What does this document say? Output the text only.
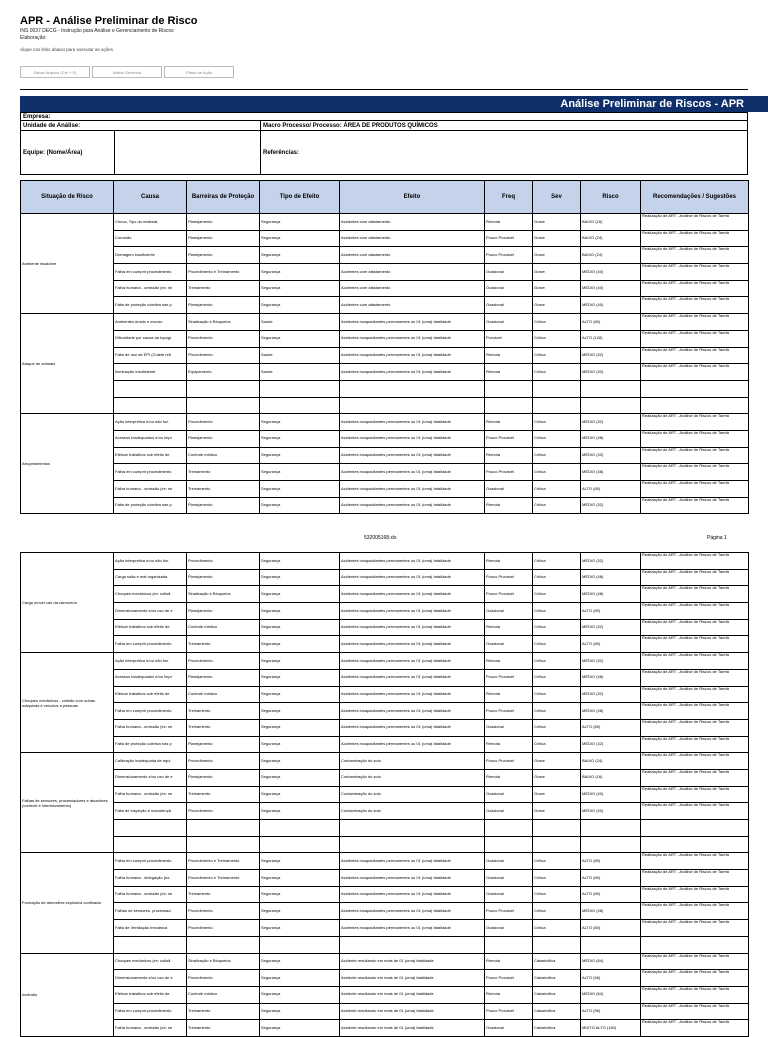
APR - Análise Preliminar de Risco
INS 0037 DECG - Instrução para Análise e Gerenciamento de Riscos
Elaboração:
clique nos links abaixo para executar as ações
Salvar Arquivo (Ctrl + S)	Matriz Genérica	Plano de Ação
Análise Preliminar de Riscos - APR
Empresa:
Unidade de Análise:	Macro Processo/ Processo: ÁREA DE PRODUTOS QUÍMICOS
Equipe: (Nome/Área)	Referências:
Situação de Risco	Causa	Barreiras de Proteção	Tipo de Efeito	Efeito	Freq	Sev	Risco	Recomendações / Sugestões
Ambiente insalubre	Chuva, Tipo do material,	Planejamento	Segurança	Acidentes com afastamento	Remota	Grave	BAIXO (16)	Realização de ART - Análise de Riscos de Tarefa
	Corrosão	Planejamento	Segurança	Acidentes com afastamento	Pouco Provável	Grave	BAIXO (24)	Realização de ART - Análise de Riscos de Tarefa
	Drenagem insuficiente	Planejamento	Segurança	Acidentes com afastamento	Pouco Provável	Grave	BAIXO (24)	Realização de ART - Análise de Riscos de Tarefa
	Falha em cumprir procedimento	Procedimento e Treinamento	Segurança	Acidentes com afastamento	Ocasional	Grave	MÉDIO (40)	Realização de ART - Análise de Riscos de Tarefa
	Falha humana - omissão (ex: ne	Treinamento	Segurança	Acidentes com afastamento	Ocasional	Grave	MÉDIO (40)	Realização de ART - Análise de Riscos de Tarefa
	Falta de proteção coletiva nas p	Planejamento	Segurança	Acidentes com afastamento	Ocasional	Grave	MÉDIO (40)	Realização de ART - Análise de Riscos de Tarefa
Ataque de animais	Ambientes úmido e escuro	Sinalização e Bloqueios	Saúde	Acidentes incapacitantes permanentes ou 01 (uma) fatalidade	Ocasional	Crítica	ALTO (80)	Realização de ART - Análise de Riscos de Tarefa
	Dificuldade por causa da topogr	Procedimento	Segurança	Acidentes incapacitantes permanentes ou 01 (uma) fatalidade	Provável	Crítica	ALTO (128)	Realização de ART - Análise de Riscos de Tarefa
	Falta de uso de EPI (Colete refl	Procedimento	Saúde	Acidentes incapacitantes permanentes ou 01 (uma) fatalidade	Remota	Crítica	MÉDIO (32)	Realização de ART - Análise de Riscos de Tarefa
	Iluminação insuficiente	Equipamento	Saúde	Acidentes incapacitantes permanentes ou 01 (uma) fatalidade	Remota	Crítica	MÉDIO (32)	Realização de ART - Análise de Riscos de Tarefa

Atropelamentos	Ação interpretiva e/ou não fun	Procedimento	Segurança	Acidentes incapacitantes permanentes ou 01 (uma) fatalidade	Remota	Crítica	MÉDIO (32)	Realização de ART - Análise de Riscos de Tarefa
	Acessos inadequados e/ou impr	Planejamento	Segurança	Acidentes incapacitantes permanentes ou 01 (uma) fatalidade	Pouco Provável	Crítica	MÉDIO (48)	Realização de ART - Análise de Riscos de Tarefa
	Efetuar trabalhos sob efeito de	Controle médico	Segurança	Acidentes incapacitantes permanentes ou 01 (uma) fatalidade	Remota	Crítica	MÉDIO (32)	Realização de ART - Análise de Riscos de Tarefa
	Falha em cumprir procedimento	Treinamento	Segurança	Acidentes incapacitantes permanentes ou 01 (uma) fatalidade	Pouco Provável	Crítica	MÉDIO (48)	Realização de ART - Análise de Riscos de Tarefa
	Falha humana - omissão (ex: ne	Treinamento	Segurança	Acidentes incapacitantes permanentes ou 01 (uma) fatalidade	Ocasional	Crítica	ALTO (80)	Realização de ART - Análise de Riscos de Tarefa
	Falta de proteção coletiva nas p	Planejamento	Segurança	Acidentes incapacitantes permanentes ou 01 (uma) fatalidade	Remota	Crítica	MÉDIO (32)	Realização de ART - Análise de Riscos de Tarefa
532005168.xls	Página 1
Carga móvel cair da carroceria	Ação interpretiva e/ou não fun	Procedimento	Segurança	Acidentes incapacitantes permanentes ou 01 (uma) fatalidade	Remota	Crítica	MÉDIO (32)	Realização de ART - Análise de Riscos de Tarefa
	Carga solta e mal organizada	Planejamento	Segurança	Acidentes incapacitantes permanentes ou 01 (uma) fatalidade	Pouco Provável	Crítica	MÉDIO (48)	Realização de ART - Análise de Riscos de Tarefa
	Choques mecânicos (ex: colisã	Sinalização e Bloqueios	Segurança	Acidentes incapacitantes permanentes ou 01 (uma) fatalidade	Pouco Provável	Crítica	MÉDIO (48)	Realização de ART - Análise de Riscos de Tarefa
	Dimensionamento e/ou uso de e	Planejamento	Segurança	Acidentes incapacitantes permanentes ou 01 (uma) fatalidade	Ocasional	Crítica	ALTO (80)	Realização de ART - Análise de Riscos de Tarefa
	Efetuar trabalhos sob efeito de	Controle médico	Segurança	Acidentes incapacitantes permanentes ou 01 (uma) fatalidade	Remota	Crítica	MÉDIO (32)	Realização de ART - Análise de Riscos de Tarefa
	Falha em cumprir procedimento	Treinamento	Segurança	Acidentes incapacitantes permanentes ou 01 (uma) fatalidade	Ocasional	Crítica	ALTO (80)	Realização de ART - Análise de Riscos de Tarefa
Choques mecânicos - colisão com outras máquinas e veículos a pessoas	Ação interpretiva e/ou não fun	Procedimento	Segurança	Acidentes incapacitantes permanentes ou 01 (uma) fatalidade	Remota	Crítica	MÉDIO (32)	Realização de ART - Análise de Riscos de Tarefa
	Acessos inadequados e/ou impr	Planejamento	Segurança	Acidentes incapacitantes permanentes ou 01 (uma) fatalidade	Pouco Provável	Crítica	MÉDIO (48)	Realização de ART - Análise de Riscos de Tarefa
	Efetuar trabalhos sob efeito de	Controle médico	Segurança	Acidentes incapacitantes permanentes ou 01 (uma) fatalidade	Remota	Crítica	MÉDIO (32)	Realização de ART - Análise de Riscos de Tarefa
	Falha em cumprir procedimento	Treinamento	Segurança	Acidentes incapacitantes permanentes ou 01 (uma) fatalidade	Pouco Provável	Crítica	MÉDIO (48)	Realização de ART - Análise de Riscos de Tarefa
	Falha humana - omissão (ex: ne	Treinamento	Segurança	Acidentes incapacitantes permanentes ou 01 (uma) fatalidade	Ocasional	Crítica	ALTO (80)	Realização de ART - Análise de Riscos de Tarefa
	Falta de proteção coletiva nas p	Planejamento	Segurança	Acidentes incapacitantes permanentes ou 01 (uma) fatalidade	Remota	Crítica	MÉDIO (32)	Realização de ART - Análise de Riscos de Tarefa
Falhas de sensores, processadores e atuadores (controle e intertravamento)	Calibração inadequada de equi	Procedimento	Segurança	Contaminação do solo	Pouco Provável	Grave	BAIXO (24)	Realização de ART - Análise de Riscos de Tarefa
	Dimensionamento e/ou uso de e	Planejamento	Segurança	Contaminação do solo	Remota	Grave	BAIXO (16)	Realização de ART - Análise de Riscos de Tarefa
	Falha humana - omissão (ex: ne	Treinamento	Segurança	Contaminação do solo	Ocasional	Grave	MÉDIO (40)	Realização de ART - Análise de Riscos de Tarefa
	Falta de inspeção e manutençã	Procedimento	Segurança	Contaminação do solo	Ocasional	Grave	MÉDIO (40)	Realização de ART - Análise de Riscos de Tarefa

Formação de atmosfera explosiva confinada	Falha em cumprir procedimento	Procedimento e Treinamento	Segurança	Acidentes incapacitantes permanentes ou 01 (uma) fatalidade	Ocasional	Crítica	ALTO (80)	Realização de ART - Análise de Riscos de Tarefa
	Falha humana - delegação (ex:	Procedimento e Treinamento	Segurança	Acidentes incapacitantes permanentes ou 01 (uma) fatalidade	Ocasional	Crítica	ALTO (80)	Realização de ART - Análise de Riscos de Tarefa
	Falha humana - omissão (ex: ne	Treinamento	Segurança	Acidentes incapacitantes permanentes ou 01 (uma) fatalidade	Ocasional	Crítica	ALTO (80)	Realização de ART - Análise de Riscos de Tarefa
	Falhas de sensores, processad	Procedimento	Segurança	Acidentes incapacitantes permanentes ou 01 (uma) fatalidade	Pouco Provável	Crítica	MÉDIO (48)	Realização de ART - Análise de Riscos de Tarefa
	Falta de Ventilação mecânica	Procedimento	Segurança	Acidentes incapacitantes permanentes ou 01 (uma) fatalidade	Ocasional	Crítica	ALTO (80)	Realização de ART - Análise de Riscos de Tarefa

Incêndio	Choques mecânicos (ex: colisã	Sinalização e Bloqueios	Segurança	Acidente resultando em mais de 01 (uma) fatalidade	Remota	Catastrófica	MÉDIO (64)	Realização de ART - Análise de Riscos de Tarefa
	Dimensionamento e/ou uso de e	Procedimento	Segurança	Acidente resultando em mais de 01 (uma) fatalidade	Pouco Provável	Catastrófica	ALTO (96)	Realização de ART - Análise de Riscos de Tarefa
	Efetuar trabalhos sob efeito de	Controle médico	Segurança	Acidente resultando em mais de 01 (uma) fatalidade	Remota	Catastrófica	MÉDIO (64)	Realização de ART - Análise de Riscos de Tarefa
	Falha em cumprir procedimento	Treinamento	Segurança	Acidente resultando em mais de 01 (uma) fatalidade	Pouco Provável	Catastrófica	ALTO (96)	Realização de ART - Análise de Riscos de Tarefa
	Falha humana - omissão (ex: ne	Treinamento	Segurança	Acidente resultando em mais de 01 (uma) fatalidade	Ocasional	Catastrófica	MUITO ALTO (160)	Realização de ART - Análise de Riscos de Tarefa
